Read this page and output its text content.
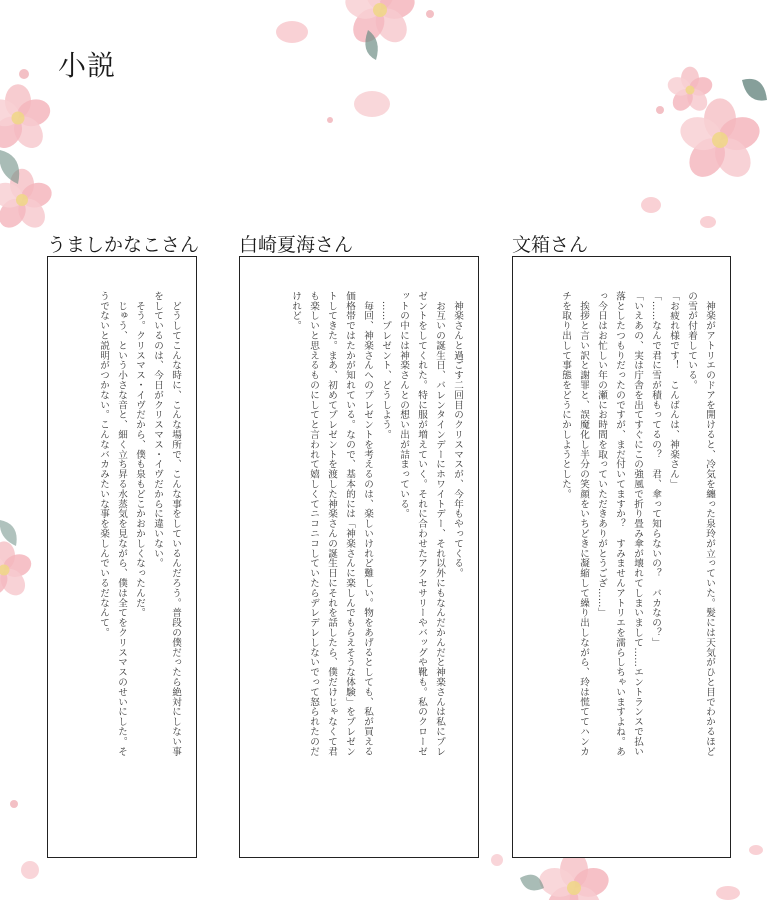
小説
うましかなこさん

　どうしてこんな時に、こんな場所で、こんな事をしているんだろう。普段の僕だったら絶対にしない事

をしているのは、今日がクリスマス・イヴだからに違いない。

　そう。クリスマス・イヴだから、僕も泉もどこかおかしくなったんだ。

　じゅう、という小さな音と、細く立ち昇る水蒸気を見ながら、僕は全てをクリスマスのせいにした。そ

うでないと説明がつかない。こんなバカみたいな事を楽しんでいるだなんて。

白崎夏海さん

　神楽さんと過ごす二回目のクリスマスが、今年もやってくる。

　お互いの誕生日、バレンタインデーにホワイトデー、それ以外にもなんだかんだと神楽さんは私にプレ

ゼントをしてくれた。特に服が増えていく。それに合わせたアクセサリーやバッグや靴も。私のクローゼ

ットの中には神楽さんとの想い出が詰まっている。

　……プレゼント、どうしよう。

　毎回、神楽さんへのプレゼントを考えるのは、楽しいけれど難しい。物をあげるとしても、私が買える

価格帯ではたかが知れている。なので、基本的には「神楽さんに楽しんでもらえそうな体験」をプレゼン

トしてきた。まあ、初めてプレゼントを渡した神楽さんの誕生日にそれを話したら、僕だけじゃなくて君

も楽しいと思えるものにしてと言われて嬉しくてニコニコしていたらデレデレしないでって怒られたのだ

けれど。

文箱さん

　神楽がアトリエのドアを開けると、冷気を纏った泉玲が立っていた。髪には天気がひと目でわかるほど

の雪が付着している。

「お疲れ様です！　こんばんは、神楽さん」

「……なんで君に雪が積もってるの？　君、傘って知らないの？　バカなの？」

「いえあの、実は庁舎を出てすぐにこの強風で折り畳み傘が壊れてしまいまして……エントランスで払い

落としたつもりだったのですが、まだ付いてますか？　すみませんアトリエを濡らしちゃいますよね。あ

っ今日はお忙しい年の瀬にお時間を取っていただきありがとうござ……」

　挨拶と言い訳と謝罪と、誤魔化し半分の笑顔をいちどきに凝縮して繰り出しながら、玲は慌ててハンカ

チを取り出して事態をどうにかしようとした。
